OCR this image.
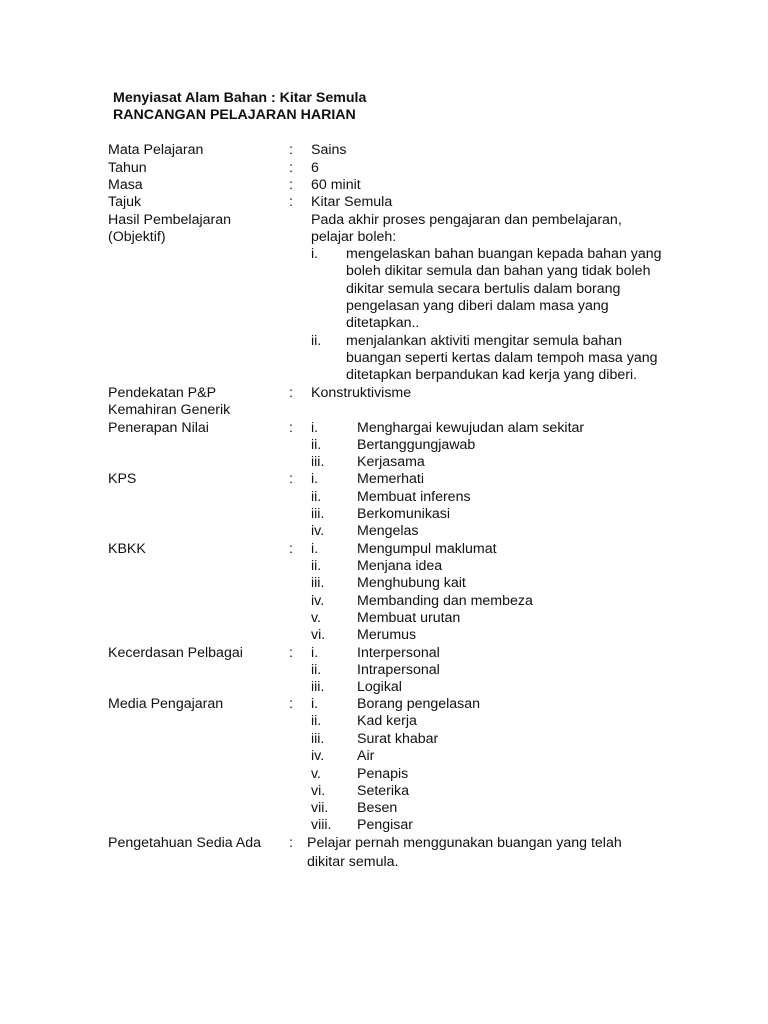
Menyiasat Alam Bahan : Kitar Semula
RANCANGAN PELAJARAN HARIAN
Mata Pelajaran	: Sains
Tahun	: 6
Masa	: 60 minit
Tajuk	: Kitar Semula
Hasil Pembelajaran
(Objektif)
Pada akhir proses pengajaran dan pembelajaran,
pelajar boleh:
i. mengelaskan bahan buangan kepada bahan yang
boleh dikitar semula dan bahan yang tidak boleh
dikitar semula secara bertulis dalam borang
pengelasan yang diberi dalam masa yang
ditetapkan..
ii. menjalankan aktiviti mengitar semula bahan
buangan seperti kertas dalam tempoh masa yang
ditetapkan berpandukan kad kerja yang diberi.
Pendekatan P&P	: Konstruktivisme
Kemahiran Generik
Penerapan Nilai	: i.	Menghargai kewujudan alam sekitar
ii.	Bertanggungjawab
iii. Kerjasama
KPS	: i.	Memerhati
ii.	Membuat inferens
iii. Berkomunikasi
iv. Mengelas
KBKK	: i.	Mengumpul maklumat
ii.	Menjana idea
iii. Menghubung kait
iv. Membanding dan membeza
v.	Membuat urutan
vi. Merumus
Kecerdasan Pelbagai	: i.	Interpersonal
ii.	Intrapersonal
iii. Logikal
Media Pengajaran	: i.	Borang pengelasan
ii.	Kad kerja
iii. Surat khabar
iv. Air
v.	Penapis
vi. Seterika
vii. Besen
viii. Pengisar
Pengetahuan Sedia Ada : Pelajar pernah menggunakan buangan yang telah
dikitar semula.
